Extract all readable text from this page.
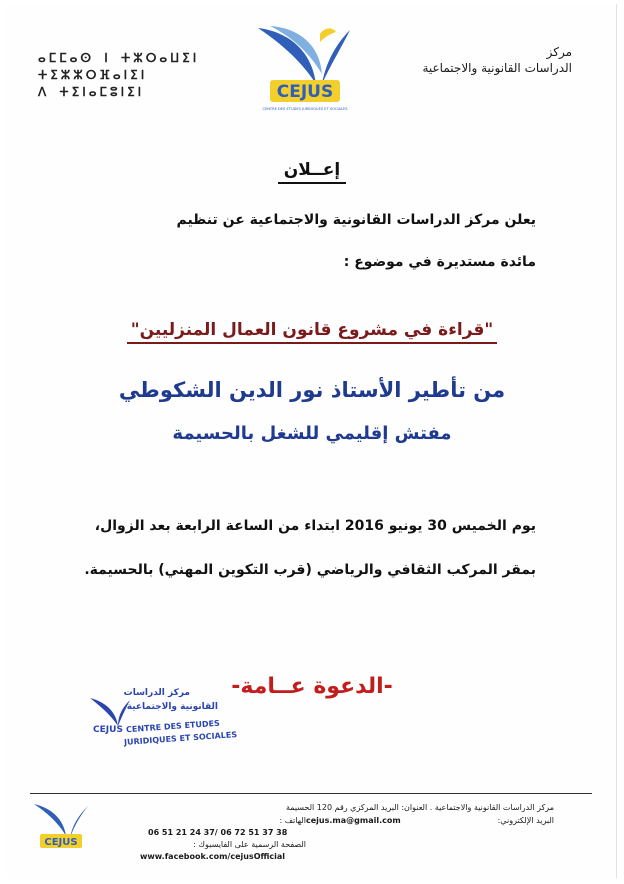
مركز
الدراسات القانونية والاجتماعية
ⴰⵎⵎⴰⵙ ⵏ ⵜⵣⵔⴰⵡⵉⵏ
ⵜⵉⵣⵣⵔⴼⴰⵏⵉⵏ
ⴷ ⵜⵉⵏⴰⵎⵓⵏⵉⵏ	CEJUS
CENTRE DES ETUDES JURIDIQUES ET SOCIALES
إعــلان
يعلن مركز الدراسات القانونية والاجتماعية عن تنظيم
مائدة مستديرة في موضوع :
"قراءة في مشروع قانون العمال المنزليين"
من تأطير الأستاذ نور الدين الشكوطي
مفتش إقليمي للشغل بالحسيمة
يوم الخميس 30 يونيو 2016 ابتداء من الساعة الرابعة بعد الزوال،
بمقر المركب الثقافي والرياضي (قرب التكوين المهني) بالحسيمة.
-الدعوة عــامة-
CEJUS
مركز الدراسات
القانونية والاجتماعية
CENTRE DES ETUDES
JURIDIQUES ET SOCIALES
CEJUS
مركز الدراسات القانونية والاجتماعية . العنوان: البريد المركزي رقم 120 الحسيمة
البريد الإلكتروني:
cejus.ma@gmail.com
الهاتف :
06 51 21 24 37/ 06 72 51 37 38
الصفحة الرسمية على الفايسبوك :
www.facebook.com/cejusOfficial
